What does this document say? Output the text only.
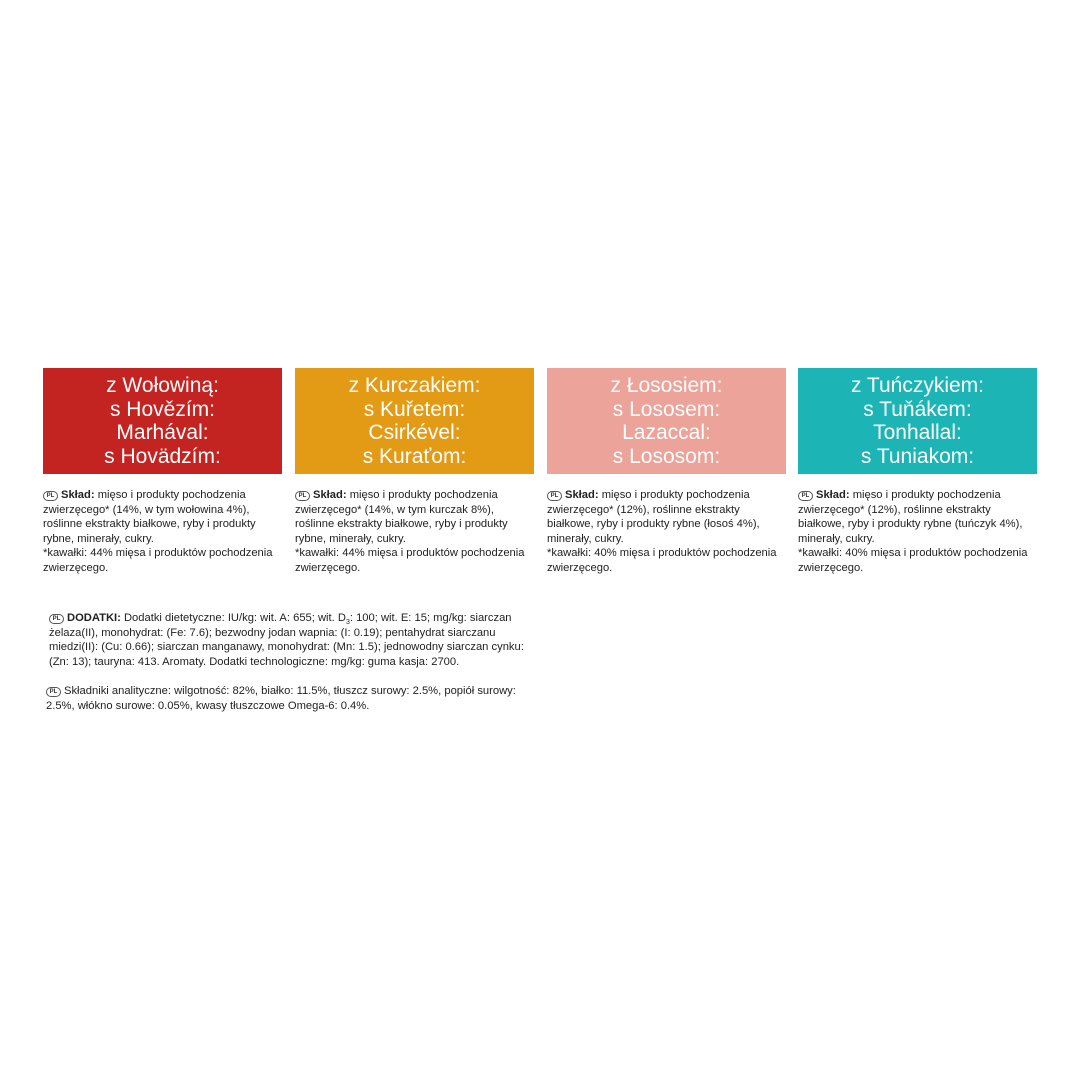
z Wołowiną:
s Hovězím:
Marhával:
s Hovädzím:
z Kurczakiem:
s Kuřetem:
Csirkével:
s Kuraťom:
z Łososiem:
s Lososem:
Lazaccal:
s Lososom:
z Tuńczykiem:
s Tuňákem:
Tonhallal:
s Tuniakom:
PL Skład: mięso i produkty pochodzenia zwierzęcego* (14%, w tym wołowina 4%), roślinne ekstrakty białkowe, ryby i produkty rybne, minerały, cukry.
*kawałki: 44% mięsa i produktów pochodzenia zwierzęcego.
PL Skład: mięso i produkty pochodzenia zwierzęcego* (14%, w tym kurczak 8%), roślinne ekstrakty białkowe, ryby i produkty rybne, minerały, cukry.
*kawałki: 44% mięsa i produktów pochodzenia zwierzęcego.
PL Skład: mięso i produkty pochodzenia zwierzęcego* (12%), roślinne ekstrakty białkowe, ryby i produkty rybne (łosoś 4%), minerały, cukry.
*kawałki: 40% mięsa i produktów pochodzenia zwierzęcego.
PL Skład: mięso i produkty pochodzenia zwierzęcego* (12%), roślinne ekstrakty białkowe, ryby i produkty rybne (tuńczyk 4%), minerały, cukry.
*kawałki: 40% mięsa i produktów pochodzenia zwierzęcego.
PL DODATKI: Dodatki dietetyczne: IU/kg: wit. A: 655; wit. $D_3$: 100; wit. E: 15; mg/kg: siarczan żelaza(II), monohydrat: (Fe: 7.6); bezwodny jodan wapnia: (I: 0.19); pentahydrat siarczanu miedzi(II): (Cu: 0.66); siarczan manganawy, monohydrat: (Mn: 1.5); jednowodny siarczan cynku: (Zn: 13); tauryna: 413. Aromaty. Dodatki technologiczne: mg/kg: guma kasja: 2700.
PL Składniki analityczne: wilgotność: 82%, białko: 11.5%, tłuszcz surowy: 2.5%, popiół surowy: 2.5%, włókno surowe: 0.05%, kwasy tłuszczowe Omega-6: 0.4%.
